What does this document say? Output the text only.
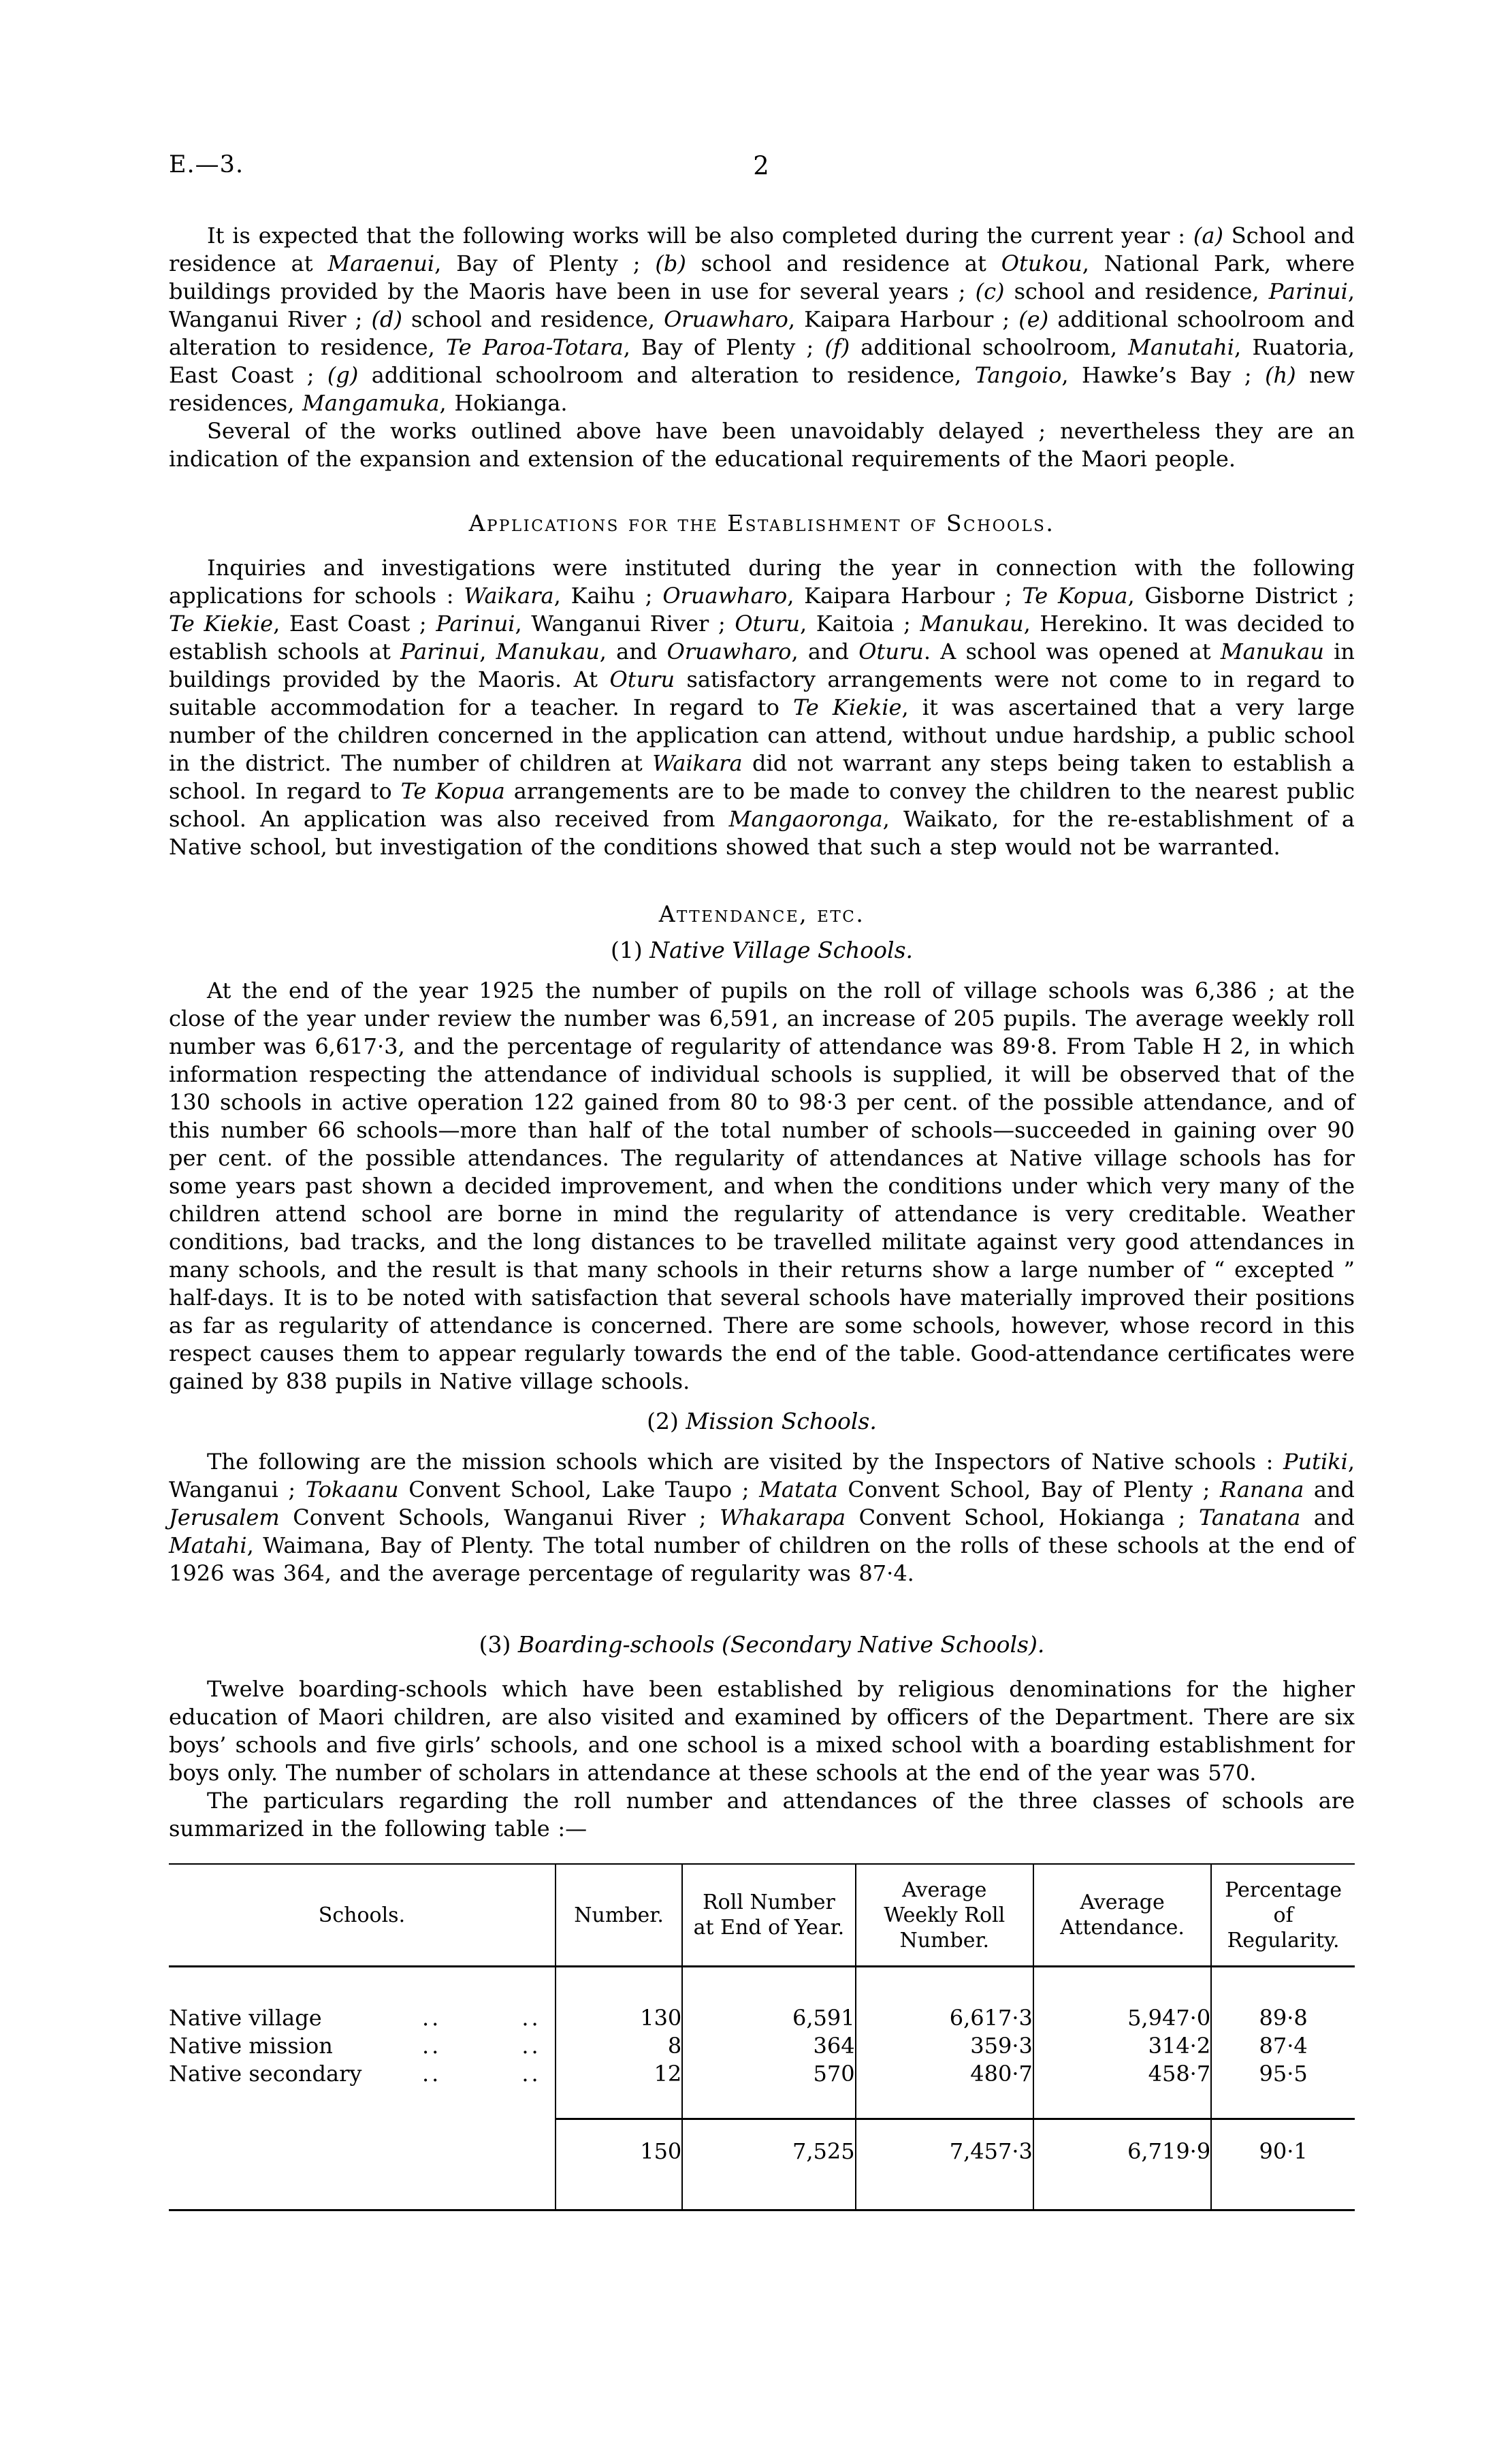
E.—3.	2

It is expected that the following works will be also completed during the current year : (a) School and residence at Maraenui, Bay of Plenty ; (b) school and residence at Otukou, National Park, where buildings provided by the Maoris have been in use for several years ; (c) school and residence, Parinui, Wanganui River ; (d) school and residence, Oruawharo, Kaipara Harbour ; (e) additional schoolroom and alteration to residence, Te Paroa-Totara, Bay of Plenty ; (f) additional schoolroom, Manutahi, Ruatoria, East Coast ; (g) additional schoolroom and alteration to residence, Tangoio, Hawke’s Bay ; (h) new residences, Mangamuka, Hokianga.

Several of the works outlined above have been unavoidably delayed ; nevertheless they are an indication of the expansion and extension of the educational requirements of the Maori people.

Applications for the Establishment of Schools.

Inquiries and investigations were instituted during the year in connection with the following applications for schools : Waikara, Kaihu ; Oruawharo, Kaipara Harbour ; Te Kopua, Gisborne District ; Te Kiekie, East Coast ; Parinui, Wanganui River ; Oturu, Kaitoia ; Manukau, Herekino. It was decided to establish schools at Parinui, Manukau, and Oruawharo, and Oturu. A school was opened at Manukau in buildings provided by the Maoris. At Oturu satisfactory arrangements were not come to in regard to suitable accommodation for a teacher. In regard to Te Kiekie, it was ascertained that a very large number of the children concerned in the application can attend, without undue hardship, a public school in the district. The number of children at Waikara did not warrant any steps being taken to establish a school. In regard to Te Kopua arrangements are to be made to convey the children to the nearest public school. An application was also received from Mangaoronga, Waikato, for the re-establishment of a Native school, but investigation of the conditions showed that such a step would not be warranted.

Attendance, etc.
(1) Native Village Schools.

At the end of the year 1925 the number of pupils on the roll of village schools was 6,386 ; at the close of the year under review the number was 6,591, an increase of 205 pupils. The average weekly roll number was 6,617·3, and the percentage of regularity of attendance was 89·8. From Table H 2, in which information respecting the attendance of individual schools is supplied, it will be observed that of the 130 schools in active operation 122 gained from 80 to 98·3 per cent. of the possible attendance, and of this number 66 schools—more than half of the total number of schools—succeeded in gaining over 90 per cent. of the possible attendances. The regularity of attendances at Native village schools has for some years past shown a decided improvement, and when the conditions under which very many of the children attend school are borne in mind the regularity of attendance is very creditable. Weather conditions, bad tracks, and the long distances to be travelled militate against very good attendances in many schools, and the result is that many schools in their returns show a large number of “ excepted ” half-days. It is to be noted with satisfaction that several schools have materially improved their positions as far as regularity of attendance is concerned. There are some schools, however, whose record in this respect causes them to appear regularly towards the end of the table. Good-attendance certificates were gained by 838 pupils in Native village schools.

(2) Mission Schools.

The following are the mission schools which are visited by the Inspectors of Native schools : Putiki, Wanganui ; Tokaanu Convent School, Lake Taupo ; Matata Convent School, Bay of Plenty ; Ranana and Jerusalem Convent Schools, Wanganui River ; Whakarapa Convent School, Hokianga ; Tanatana and Matahi, Waimana, Bay of Plenty. The total number of children on the rolls of these schools at the end of 1926 was 364, and the average percentage of regularity was 87·4.

(3) Boarding-schools (Secondary Native Schools).

Twelve boarding-schools which have been established by religious denominations for the higher education of Maori children, are also visited and examined by officers of the Department. There are six boys’ schools and five girls’ schools, and one school is a mixed school with a boarding establishment for boys only. The number of scholars in attendance at these schools at the end of the year was 570.

The particulars regarding the roll number and attendances of the three classes of schools are summarized in the following table :—

Schools.	Number.	Roll Number at End of Year.	Average Weekly Roll Number.	Average Attendance.	Percentage of Regularity.

Native village .. ..	130	6,591	6,617·3	5,947·0	89·8

Native mission .. ..	8	364	359·3	314·2	87·4

Native secondary .. ..	12	570	480·7	458·7	95·5
	150	7,525	7,457·3	6,719·9	90·1
